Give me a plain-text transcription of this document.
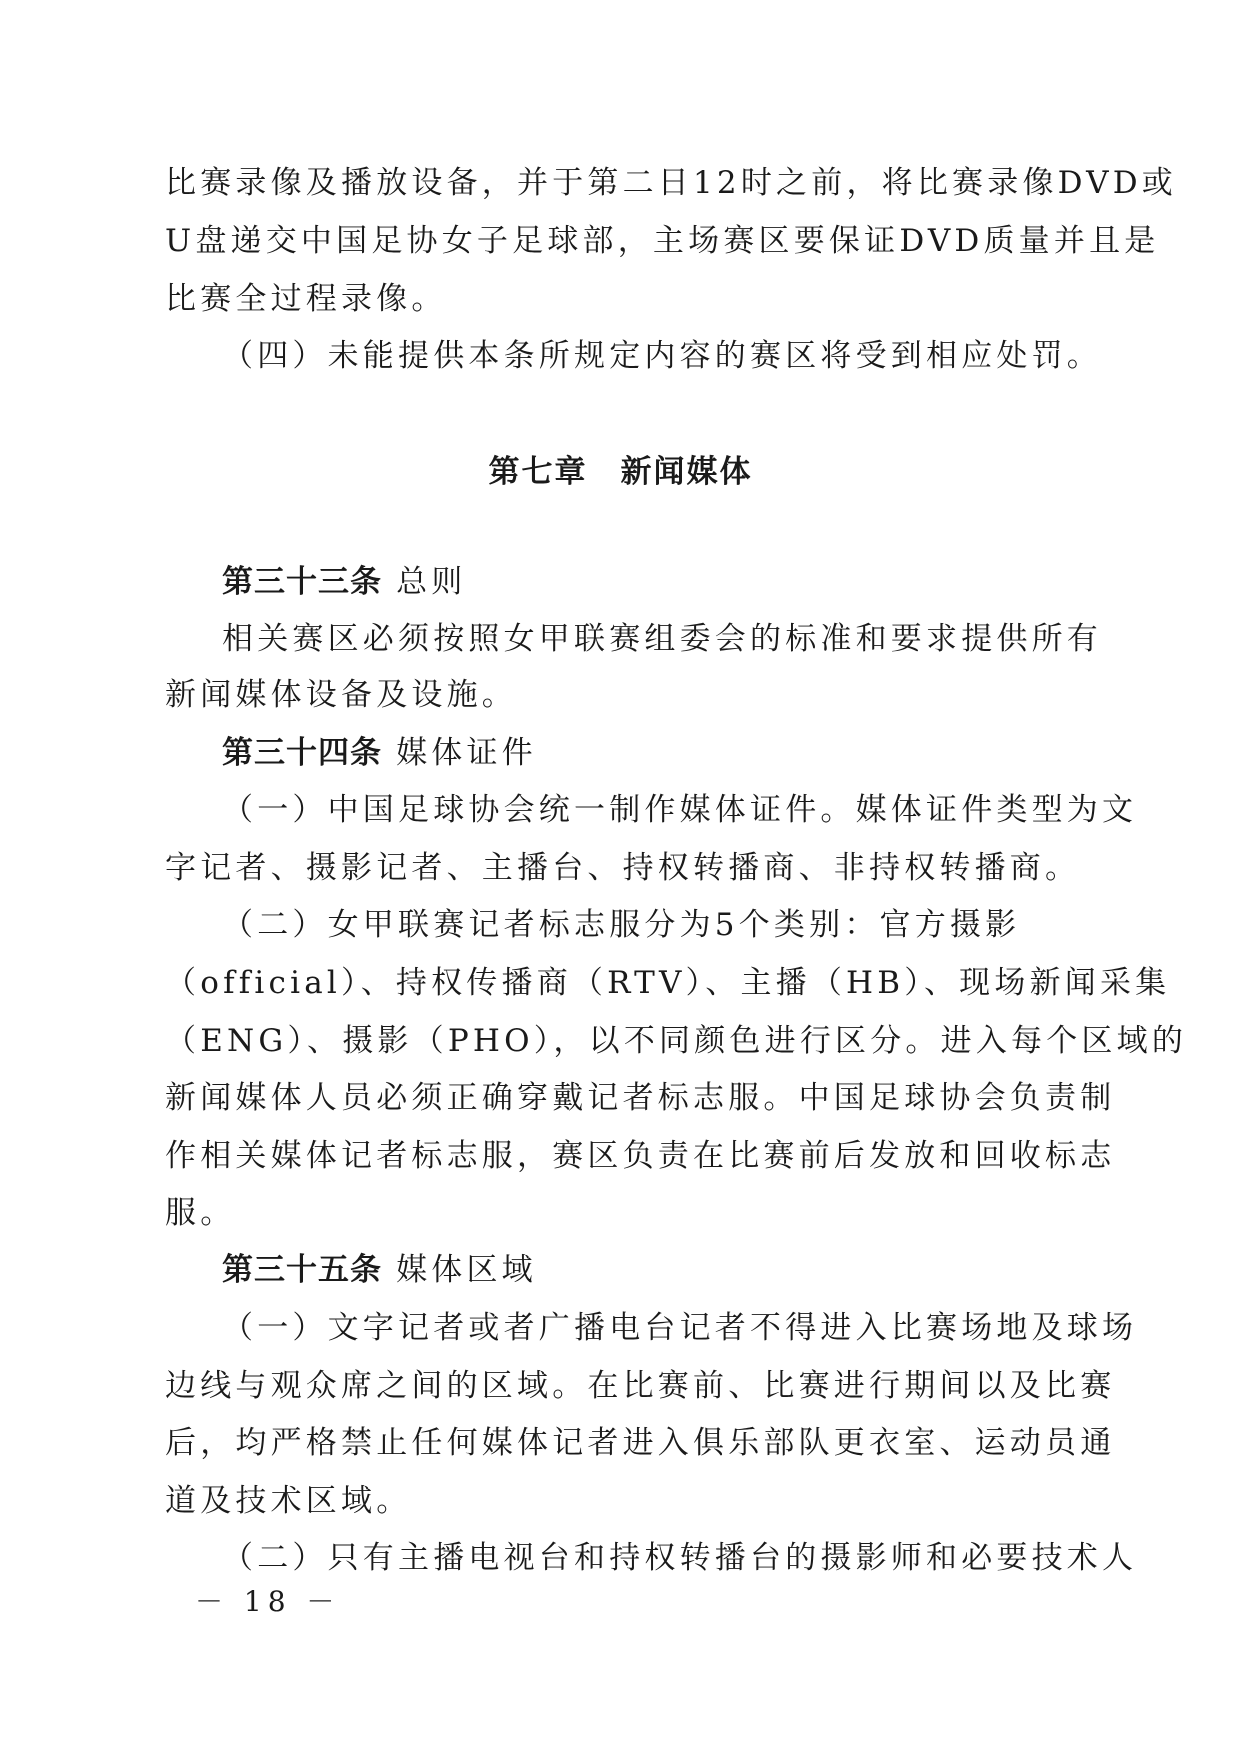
比赛录像及播放设备，并于第二日12时之前，将比赛录像DVD或
U盘递交中国足协女子足球部，主场赛区要保证DVD质量并且是
比赛全过程录像。
（四）未能提供本条所规定内容的赛区将受到相应处罚。
第七章　新闻媒体
第三十三条 总则
相关赛区必须按照女甲联赛组委会的标准和要求提供所有
新闻媒体设备及设施。
第三十四条 媒体证件
（一）中国足球协会统一制作媒体证件。媒体证件类型为文
字记者、摄影记者、主播台、持权转播商、非持权转播商。
（二）女甲联赛记者标志服分为5个类别：官方摄影
（official）、持权传播商（RTV）、主播（HB）、现场新闻采集
（ENG）、摄影（PHO），以不同颜色进行区分。进入每个区域的
新闻媒体人员必须正确穿戴记者标志服。中国足球协会负责制
作相关媒体记者标志服，赛区负责在比赛前后发放和回收标志
服。
第三十五条 媒体区域
（一）文字记者或者广播电台记者不得进入比赛场地及球场
边线与观众席之间的区域。在比赛前、比赛进行期间以及比赛
后，均严格禁止任何媒体记者进入俱乐部队更衣室、运动员通
道及技术区域。
（二）只有主播电视台和持权转播台的摄影师和必要技术人
－ 18 －
